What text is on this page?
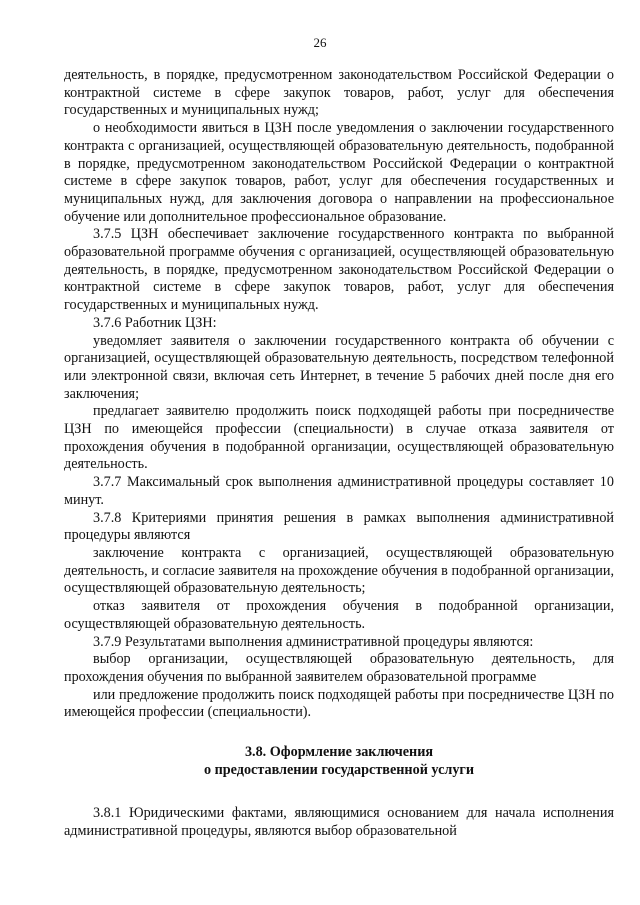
26

деятельность, в порядке, предусмотренном законодательством Российской Федерации о контрактной системе в сфере закупок товаров, работ, услуг для обеспечения государственных и муниципальных нужд;

о необходимости явиться в ЦЗН после уведомления о заключении государственного контракта с организацией, осуществляющей образовательную деятельность, подобранной в порядке, предусмотренном законодательством Российской Федерации о контрактной системе в сфере закупок товаров, работ, услуг для обеспечения государственных и муниципальных нужд, для заключения договора о направлении на профессиональное обучение или дополнительное профессиональное образование.

3.7.5 ЦЗН обеспечивает заключение государственного контракта по выбранной образовательной программе обучения с организацией, осуществляющей образовательную деятельность, в порядке, предусмотренном законодательством Российской Федерации о контрактной системе в сфере закупок товаров, работ, услуг для обеспечения государственных и муниципальных нужд.

3.7.6 Работник ЦЗН:

уведомляет заявителя о заключении государственного контракта об обучении с организацией, осуществляющей образовательную деятельность, посредством телефонной или электронной связи, включая сеть Интернет, в течение 5 рабочих дней после дня его заключения;

предлагает заявителю продолжить поиск подходящей работы при посредничестве ЦЗН по имеющейся профессии (специальности) в случае отказа заявителя от прохождения обучения в подобранной организации, осуществляющей образовательную деятельность.

3.7.7 Максимальный срок выполнения административной процедуры составляет 10 минут.

3.7.8 Критериями принятия решения в рамках выполнения административной процедуры являются

заключение контракта с организацией, осуществляющей образовательную деятельность, и согласие заявителя на прохождение обучения в подобранной организации, осуществляющей образовательную деятельность;

отказ заявителя от прохождения обучения в подобранной организации, осуществляющей образовательную деятельность.

3.7.9 Результатами выполнения административной процедуры являются:

выбор организации, осуществляющей образовательную деятельность, для прохождения обучения по выбранной заявителем образовательной программе

или предложение продолжить поиск подходящей работы при посредничестве ЦЗН по имеющейся профессии (специальности).

3.8. Оформление заключения
о предоставлении государственной услуги

3.8.1 Юридическими фактами, являющимися основанием для начала исполнения административной процедуры, являются выбор образовательной
